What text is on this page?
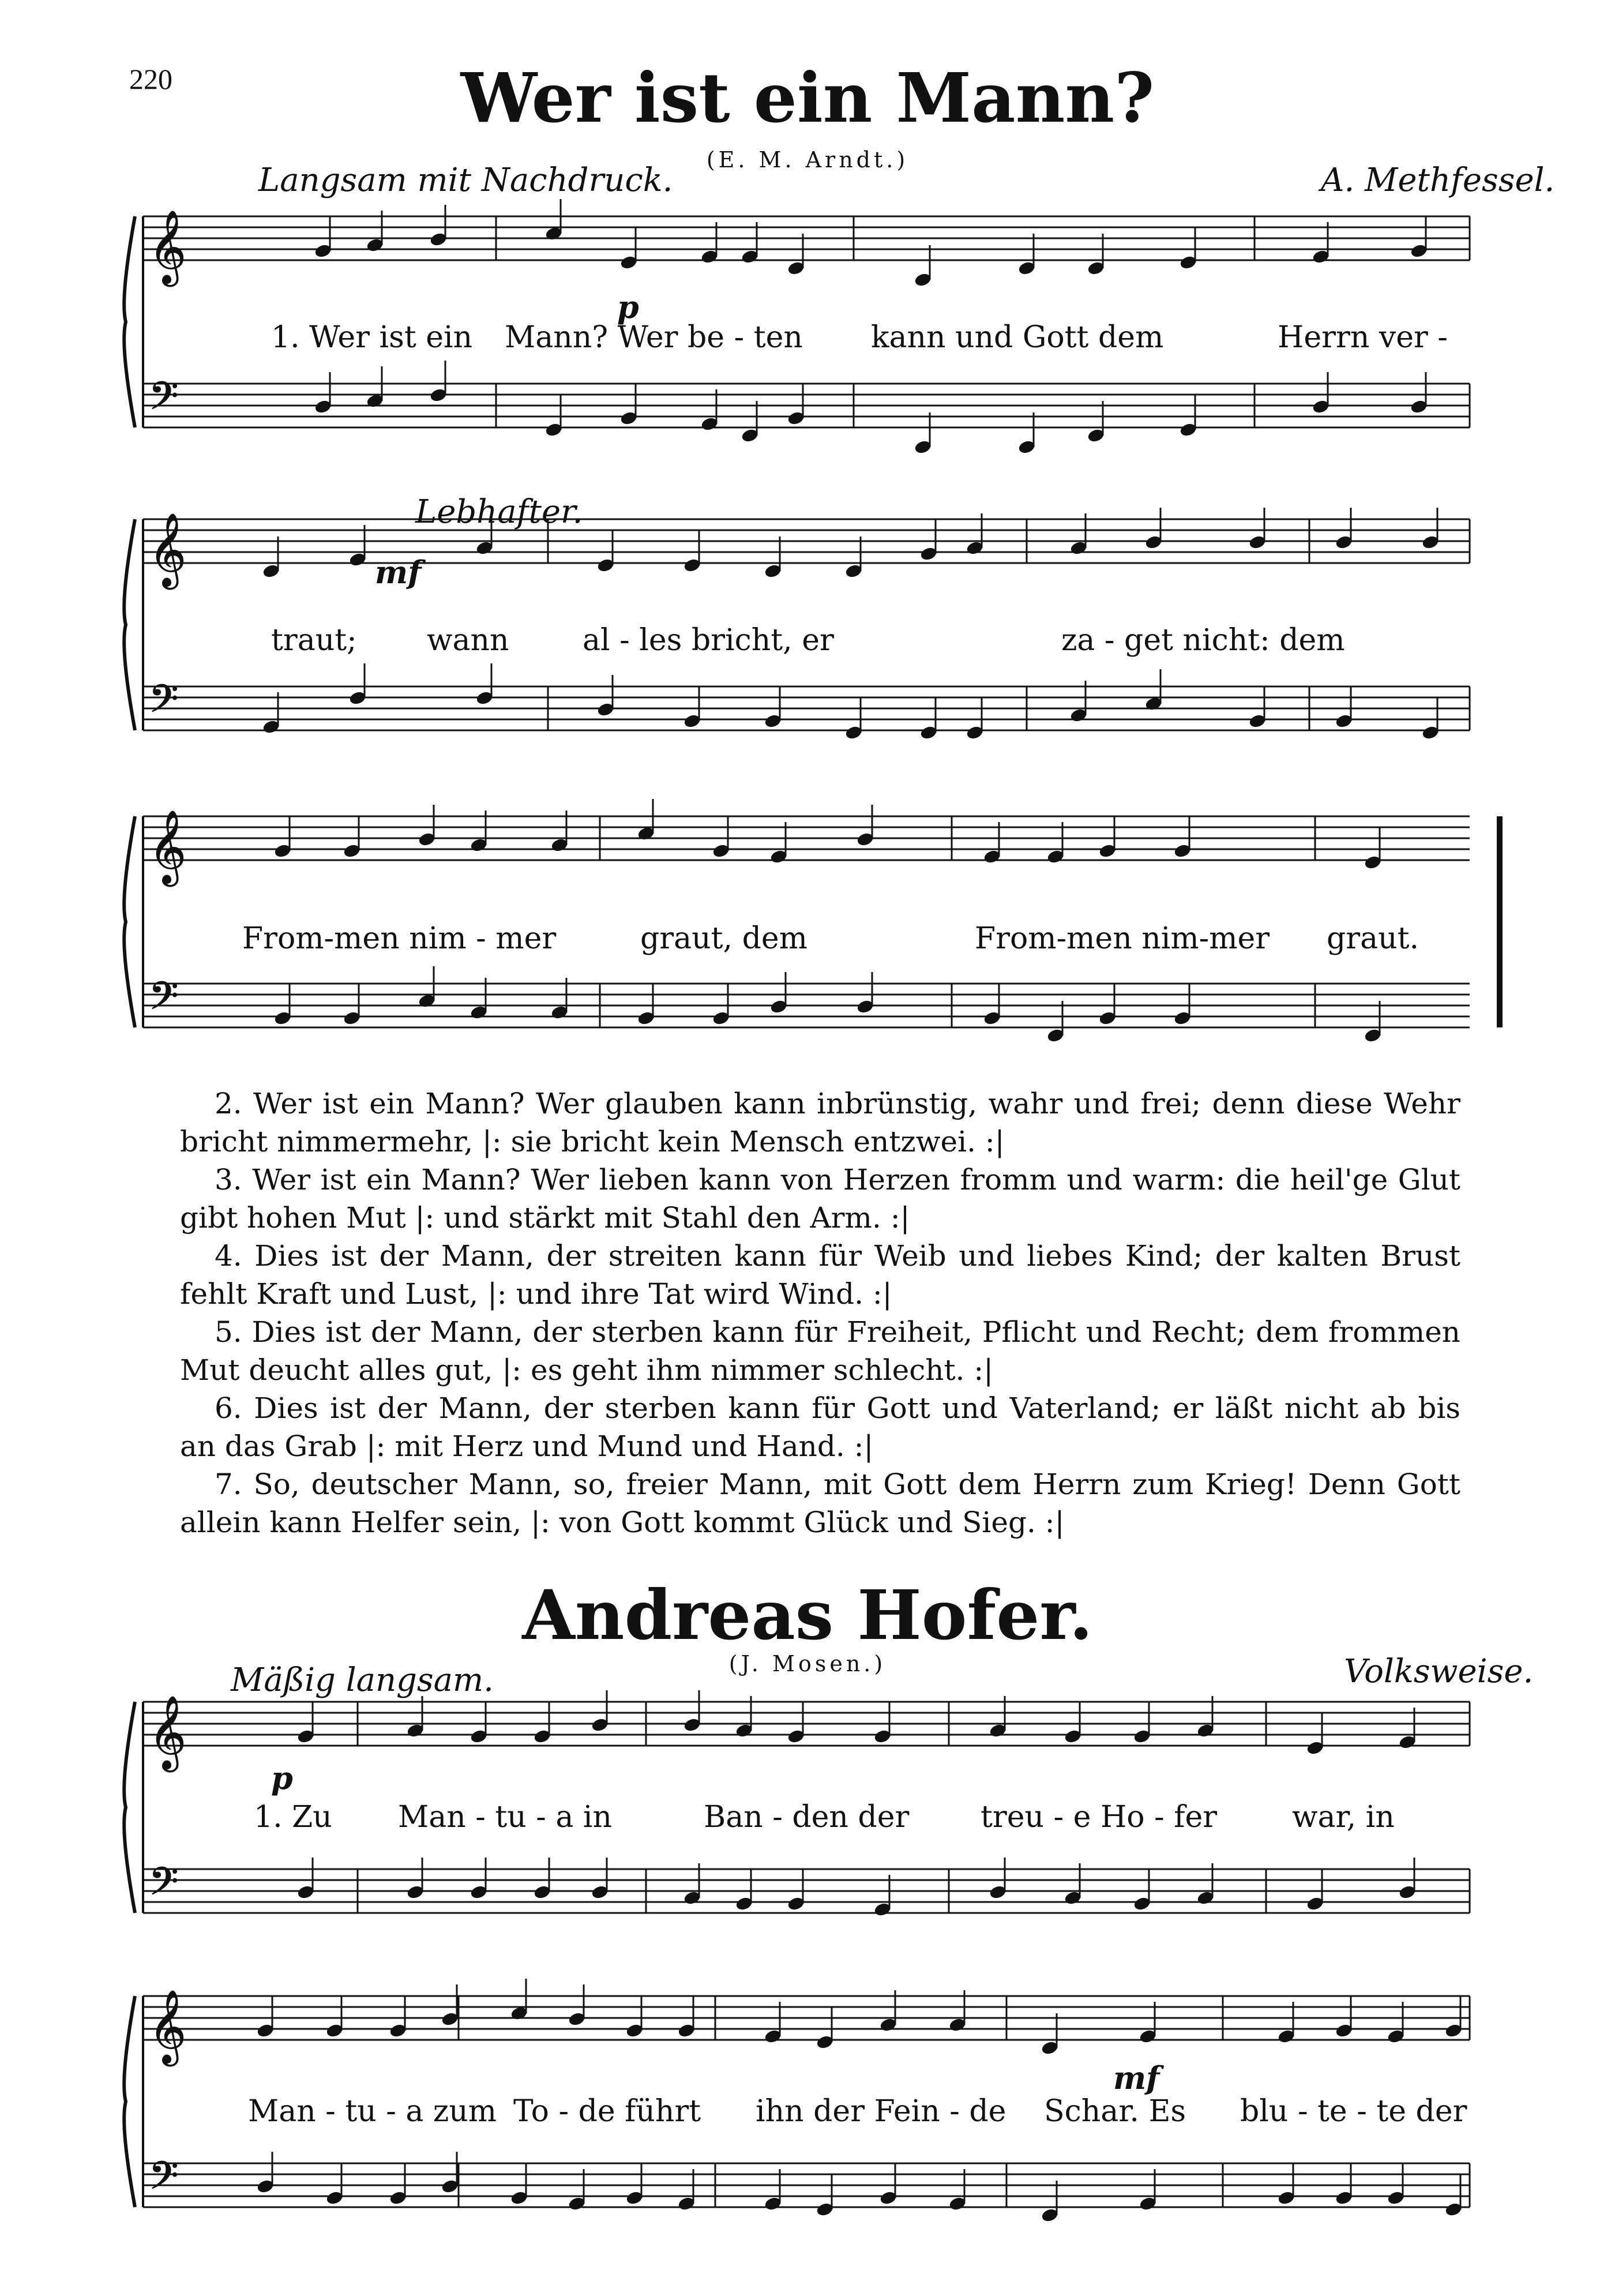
220	Wer ist ein Mann?
(E. M. Arndt.)
Langsam mit Nachdruck.	A. Methfessel.
𝄞
𝄢
𝄞
𝄢
𝄞
𝄢
𝄞
𝄢
𝄞
𝄢
p
Lebhafter.
mf
1. Wer ist ein Mann? Wer be - ten kann und Gott dem	Herrn ver -
traut; wann al - les bricht, er	za - get nicht: dem
From-men nim - mer	graut, dem	From-men nim-mer graut.

2. Wer ist ein Mann? Wer glauben kann inbrünstig, wahr und frei; denn diese Wehr bricht nimmermehr, |: sie bricht kein Mensch entzwei. :|

3. Wer ist ein Mann? Wer lieben kann von Herzen fromm und warm: die heil'ge Glut gibt hohen Mut |: und stärkt mit Stahl den Arm. :|

4. Dies ist der Mann, der streiten kann für Weib und liebes Kind; der kalten Brust fehlt Kraft und Lust, |: und ihre Tat wird Wind. :|

5. Dies ist der Mann, der sterben kann für Freiheit, Pflicht und Recht; dem frommen Mut deucht alles gut, |: es geht ihm nimmer schlecht. :|

6. Dies ist der Mann, der sterben kann für Gott und Vaterland; er läßt nicht ab bis an das Grab |: mit Herz und Mund und Hand. :|

7. So, deutscher Mann, so, freier Mann, mit Gott dem Herrn zum Krieg! Denn Gott allein kann Helfer sein, |: von Gott kommt Glück und Sieg. :|

Andreas Hofer.
(J. Mosen.)
Mäßig langsam.	Volksweise.
p
mf
1. Zu Man - tu - a in	Ban - den der treu - e Ho - fer war, in
Man - tu - a zum To - de führt ihn der Fein - de Schar. Es blu - te - te der
